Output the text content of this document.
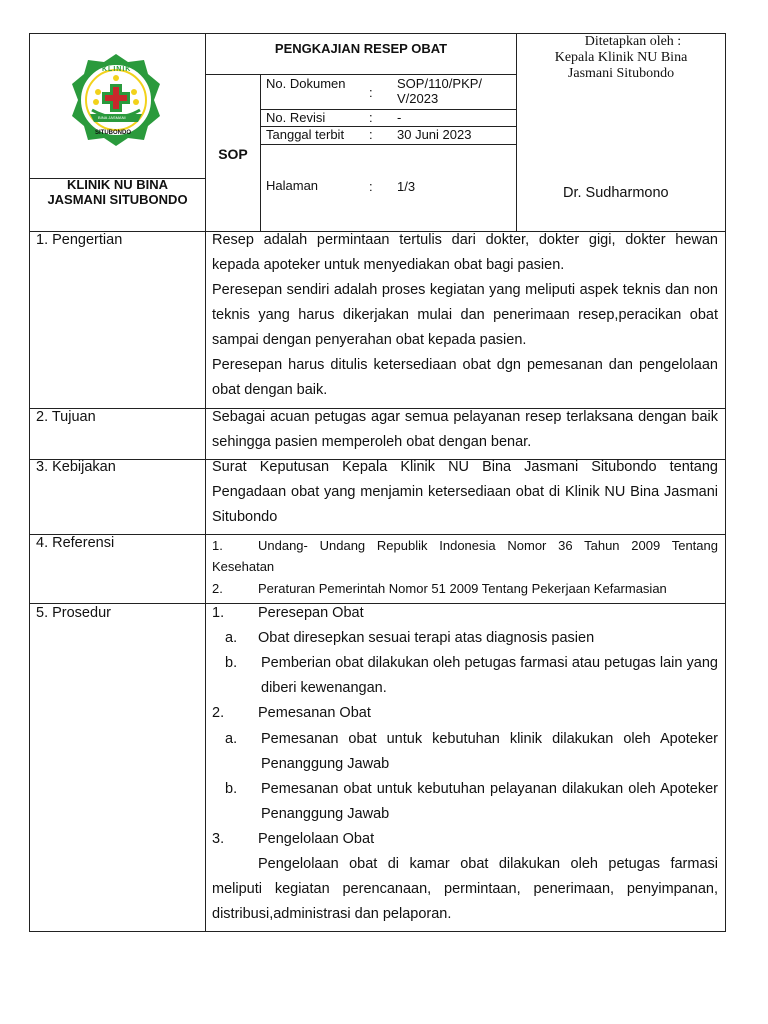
KLINIK
BINA JASMANI
SITUBONDO
KLINIK NU BINA
JASMANI SITUBONDO
PENGKAJIAN RESEP OBAT
SOP
No. Dokumen
:
SOP/110/PKP/ V/2023
No. Revisi	: -
Tanggal terbit : 30 Juni 2023
Halaman	: 1/3
Ditetapkan oleh :
Kepala Klinik NU Bina
Jasmani Situbondo
Dr. Sudharmono
1. Pengertian	Resep adalah permintaan tertulis dari dokter, dokter gigi, dokter hewan kepada apoteker untuk menyediakan obat bagi pasien.
Peresepan sendiri adalah proses kegiatan yang meliputi aspek teknis dan non teknis yang harus dikerjakan mulai dan penerimaan resep,peracikan obat sampai dengan penyerahan obat kepada pasien.
Peresepan harus ditulis ketersediaan obat dgn pemesanan dan pengelolaan obat dengan baik.
2. Tujuan	Sebagai acuan petugas agar semua pelayanan resep terlaksana dengan baik sehingga pasien memperoleh obat dengan benar.
3. Kebijakan	Surat Keputusan Kepala Klinik NU Bina Jasmani Situbondo tentang Pengadaan obat yang menjamin ketersediaan obat di Klinik NU Bina Jasmani Situbondo
4. Referensi	1.	Undang- Undang Republik Indonesia Nomor 36 Tahun 2009 Tentang Kesehatan
2.	Peraturan Pemerintah Nomor 51 2009 Tentang Pekerjaan Kefarmasian
5. Prosedur	1. Peresepan Obat
a. Obat diresepkan sesuai terapi atas diagnosis pasien
b.	Pemberian obat dilakukan oleh petugas farmasi atau petugas lain yang diberi kewenangan.
2. Pemesanan Obat
a.	Pemesanan obat untuk kebutuhan klinik dilakukan oleh Apoteker Penanggung Jawab
b.	Pemesanan obat untuk kebutuhan pelayanan dilakukan oleh Apoteker Penanggung Jawab
3. Pengelolaan Obat
Pengelolaan obat di kamar obat dilakukan oleh petugas farmasi meliputi kegiatan perencanaan, permintaan, penerimaan, penyimpanan, distribusi,administrasi dan pelaporan.
